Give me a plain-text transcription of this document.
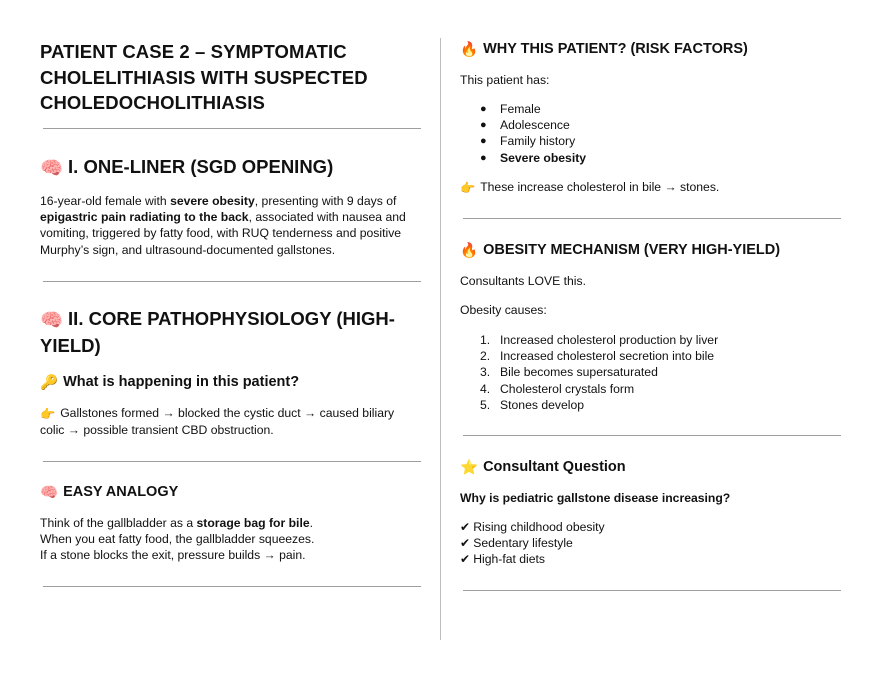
PATIENT CASE 2 – SYMPTOMATIC CHOLELITHIASIS WITH SUSPECTED CHOLEDOCHOLITHIASIS
🧠 I. ONE-LINER (SGD OPENING)
16-year-old female with severe obesity, presenting with 9 days of epigastric pain radiating to the back, associated with nausea and vomiting, triggered by fatty food, with RUQ tenderness and positive Murphy’s sign, and ultrasound-documented gallstones.
🧠 II. CORE PATHOPHYSIOLOGY (HIGH-YIELD)
🔑 What is happening in this patient?
👉 Gallstones formed → blocked the cystic duct → caused biliary colic → possible transient CBD obstruction.
🧠 EASY ANALOGY
Think of the gallbladder as a storage bag for bile.
When you eat fatty food, the gallbladder squeezes.
If a stone blocks the exit, pressure builds → pain.
🔥 WHY THIS PATIENT? (RISK FACTORS)
This patient has:
● Female
● Adolescence
● Family history
● Severe obesity
👉 These increase cholesterol in bile → stones.
🔥 OBESITY MECHANISM (VERY HIGH-YIELD)
Consultants LOVE this.
Obesity causes:
1. Increased cholesterol production by liver
2. Increased cholesterol secretion into bile
3. Bile becomes supersaturated
4. Cholesterol crystals form
5. Stones develop
⭐ Consultant Question
Why is pediatric gallstone disease increasing?
✔ Rising childhood obesity
✔ Sedentary lifestyle
✔ High-fat diets
